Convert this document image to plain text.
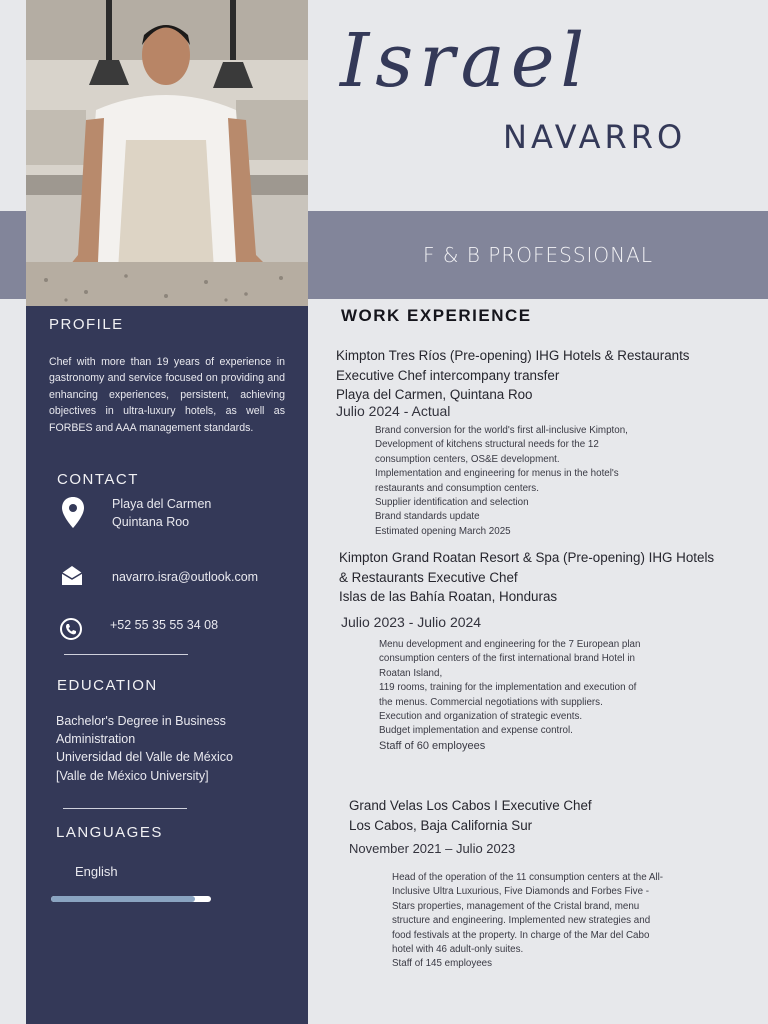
Israel
NAVARRO
F & B PROFESSIONAL
PROFILE
Chef with more than 19 years of experience in gastronomy and service focused on providing and enhancing experiences, persistent, achieving objectives in ultra-luxury hotels, as well as FORBES and AAA management standards.
CONTACT
Playa del Carmen
Quintana Roo
navarro.isra@outlook.com
+52 55 35 55 34 08
EDUCATION
Bachelor's Degree in Business
Administration
Universidad del Valle de México
[Valle de México University]
LANGUAGES
English
WORK EXPERIENCE
Kimpton Tres Ríos (Pre-opening) IHG Hotels & Restaurants
Executive Chef intercompany transfer
Playa del Carmen, Quintana Roo
Julio 2024 - Actual
Brand conversion for the world's first all-inclusive Kimpton,
Development of kitchens structural needs for the 12
consumption centers, OS&E development.
Implementation and engineering for menus in the hotel's
restaurants and consumption centers.
Supplier identification and selection
Brand standards update
Estimated opening March 2025
Kimpton Grand Roatan Resort & Spa (Pre-opening) IHG Hotels
& Restaurants Executive Chef
Islas de las Bahía Roatan, Honduras
Julio 2023 - Julio 2024
Menu development and engineering for the 7 European plan
consumption centers of the first international brand Hotel in
Roatan Island,
119 rooms, training for the implementation and execution of
the menus. Commercial negotiations with suppliers.
Execution and organization of strategic events.
Budget implementation and expense control.
Staff of 60 employees
Grand Velas Los Cabos I Executive Chef
Los Cabos, Baja California Sur
November 2021 – Julio 2023
Head of the operation of the 11 consumption centers at the All-
Inclusive Ultra Luxurious, Five Diamonds and Forbes Five -
Stars properties, management of the Cristal brand, menu
structure and engineering. Implemented new strategies and
food festivals at the property. In charge of the Mar del Cabo
hotel with 46 adult-only suites.
Staff of 145 employees
